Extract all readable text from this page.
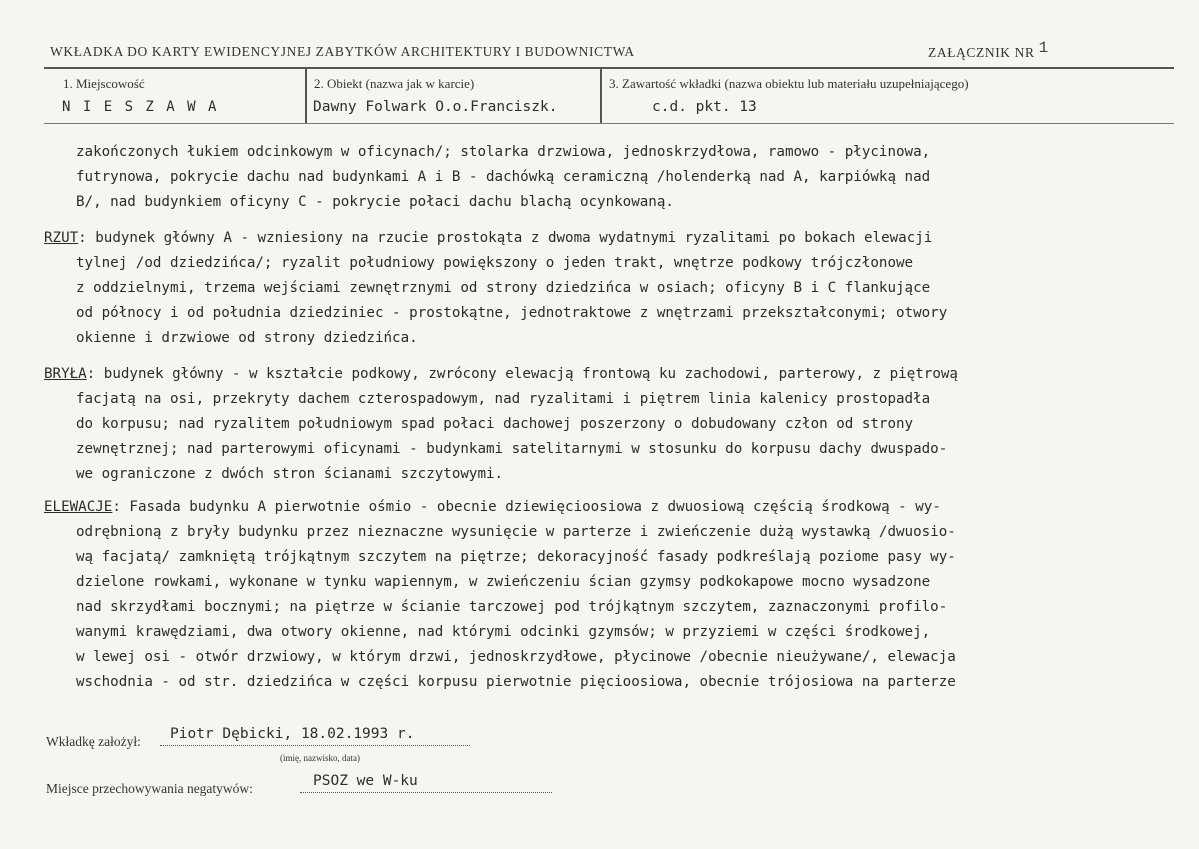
WKŁADKA DO KARTY EWIDENCYJNEJ ZABYTKÓW ARCHITEKTURY I BUDOWNICTWA	ZAŁĄCZNIK NR 1
1. Miejscowość
N I E S Z A W A
2. Obiekt (nazwa jak w karcie)
Dawny Folwark O.o.Franciszk.
3. Zawartość wkładki (nazwa obiektu lub materiału uzupełniającego)
c.d. pkt. 13
zakończonych łukiem odcinkowym w oficynach/; stolarka drzwiowa, jednoskrzydłowa, ramowo - płycinowa,
futrynowa, pokrycie dachu nad budynkami A i B - dachówką ceramiczną /holenderką nad A, karpiówką nad
B/, nad budynkiem oficyny C - pokrycie połaci dachu blachą ocynkowaną.
RZUT: budynek główny A - wzniesiony na rzucie prostokąta z dwoma wydatnymi ryzalitami po bokach elewacji
tylnej /od dziedzińca/; ryzalit południowy powiększony o jeden trakt, wnętrze podkowy trójczłonowe
z oddzielnymi, trzema wejściami zewnętrznymi od strony dziedzińca w osiach; oficyny B i C flankujące
od północy i od południa dziedziniec - prostokątne, jednotraktowe z wnętrzami przekształconymi; otwory
okienne i drzwiowe od strony dziedzińca.
BRYŁA: budynek główny - w kształcie podkowy, zwrócony elewacją frontową ku zachodowi, parterowy, z piętrową
facjatą na osi, przekryty dachem czterospadowym, nad ryzalitami i piętrem linia kalenicy prostopadła
do korpusu; nad ryzalitem południowym spad połaci dachowej poszerzony o dobudowany człon od strony
zewnętrznej; nad parterowymi oficynami - budynkami satelitarnymi w stosunku do korpusu dachy dwuspado-
we ograniczone z dwóch stron ścianami szczytowymi.
ELEWACJE: Fasada budynku A pierwotnie ośmio - obecnie dziewięcioosiowa z dwuosiową częścią środkową - wy-
odrębnioną z bryły budynku przez nieznaczne wysunięcie w parterze i zwieńczenie dużą wystawką /dwuosio-
wą facjatą/ zamkniętą trójkątnym szczytem na piętrze; dekoracyjność fasady podkreślają poziome pasy wy-
dzielone rowkami, wykonane w tynku wapiennym, w zwieńczeniu ścian gzymsy podkokapowe mocno wysadzone
nad skrzydłami bocznymi; na piętrze w ścianie tarczowej pod trójkątnym szczytem, zaznaczonymi profilo-
wanymi krawędziami, dwa otwory okienne, nad którymi odcinki gzymsów; w przyziemi w części środkowej,
w lewej osi - otwór drzwiowy, w którym drzwi, jednoskrzydłowe, płycinowe /obecnie nieużywane/, elewacja
wschodnia - od str. dziedzińca w części korpusu pierwotnie pięcioosiowa, obecnie trójosiowa na parterze
Wkładkę założył: Piotr Dębicki, 18.02.1993 r.
(imię, nazwisko, data)
Miejsce przechowywania negatywów:	PSOZ we W-ku
